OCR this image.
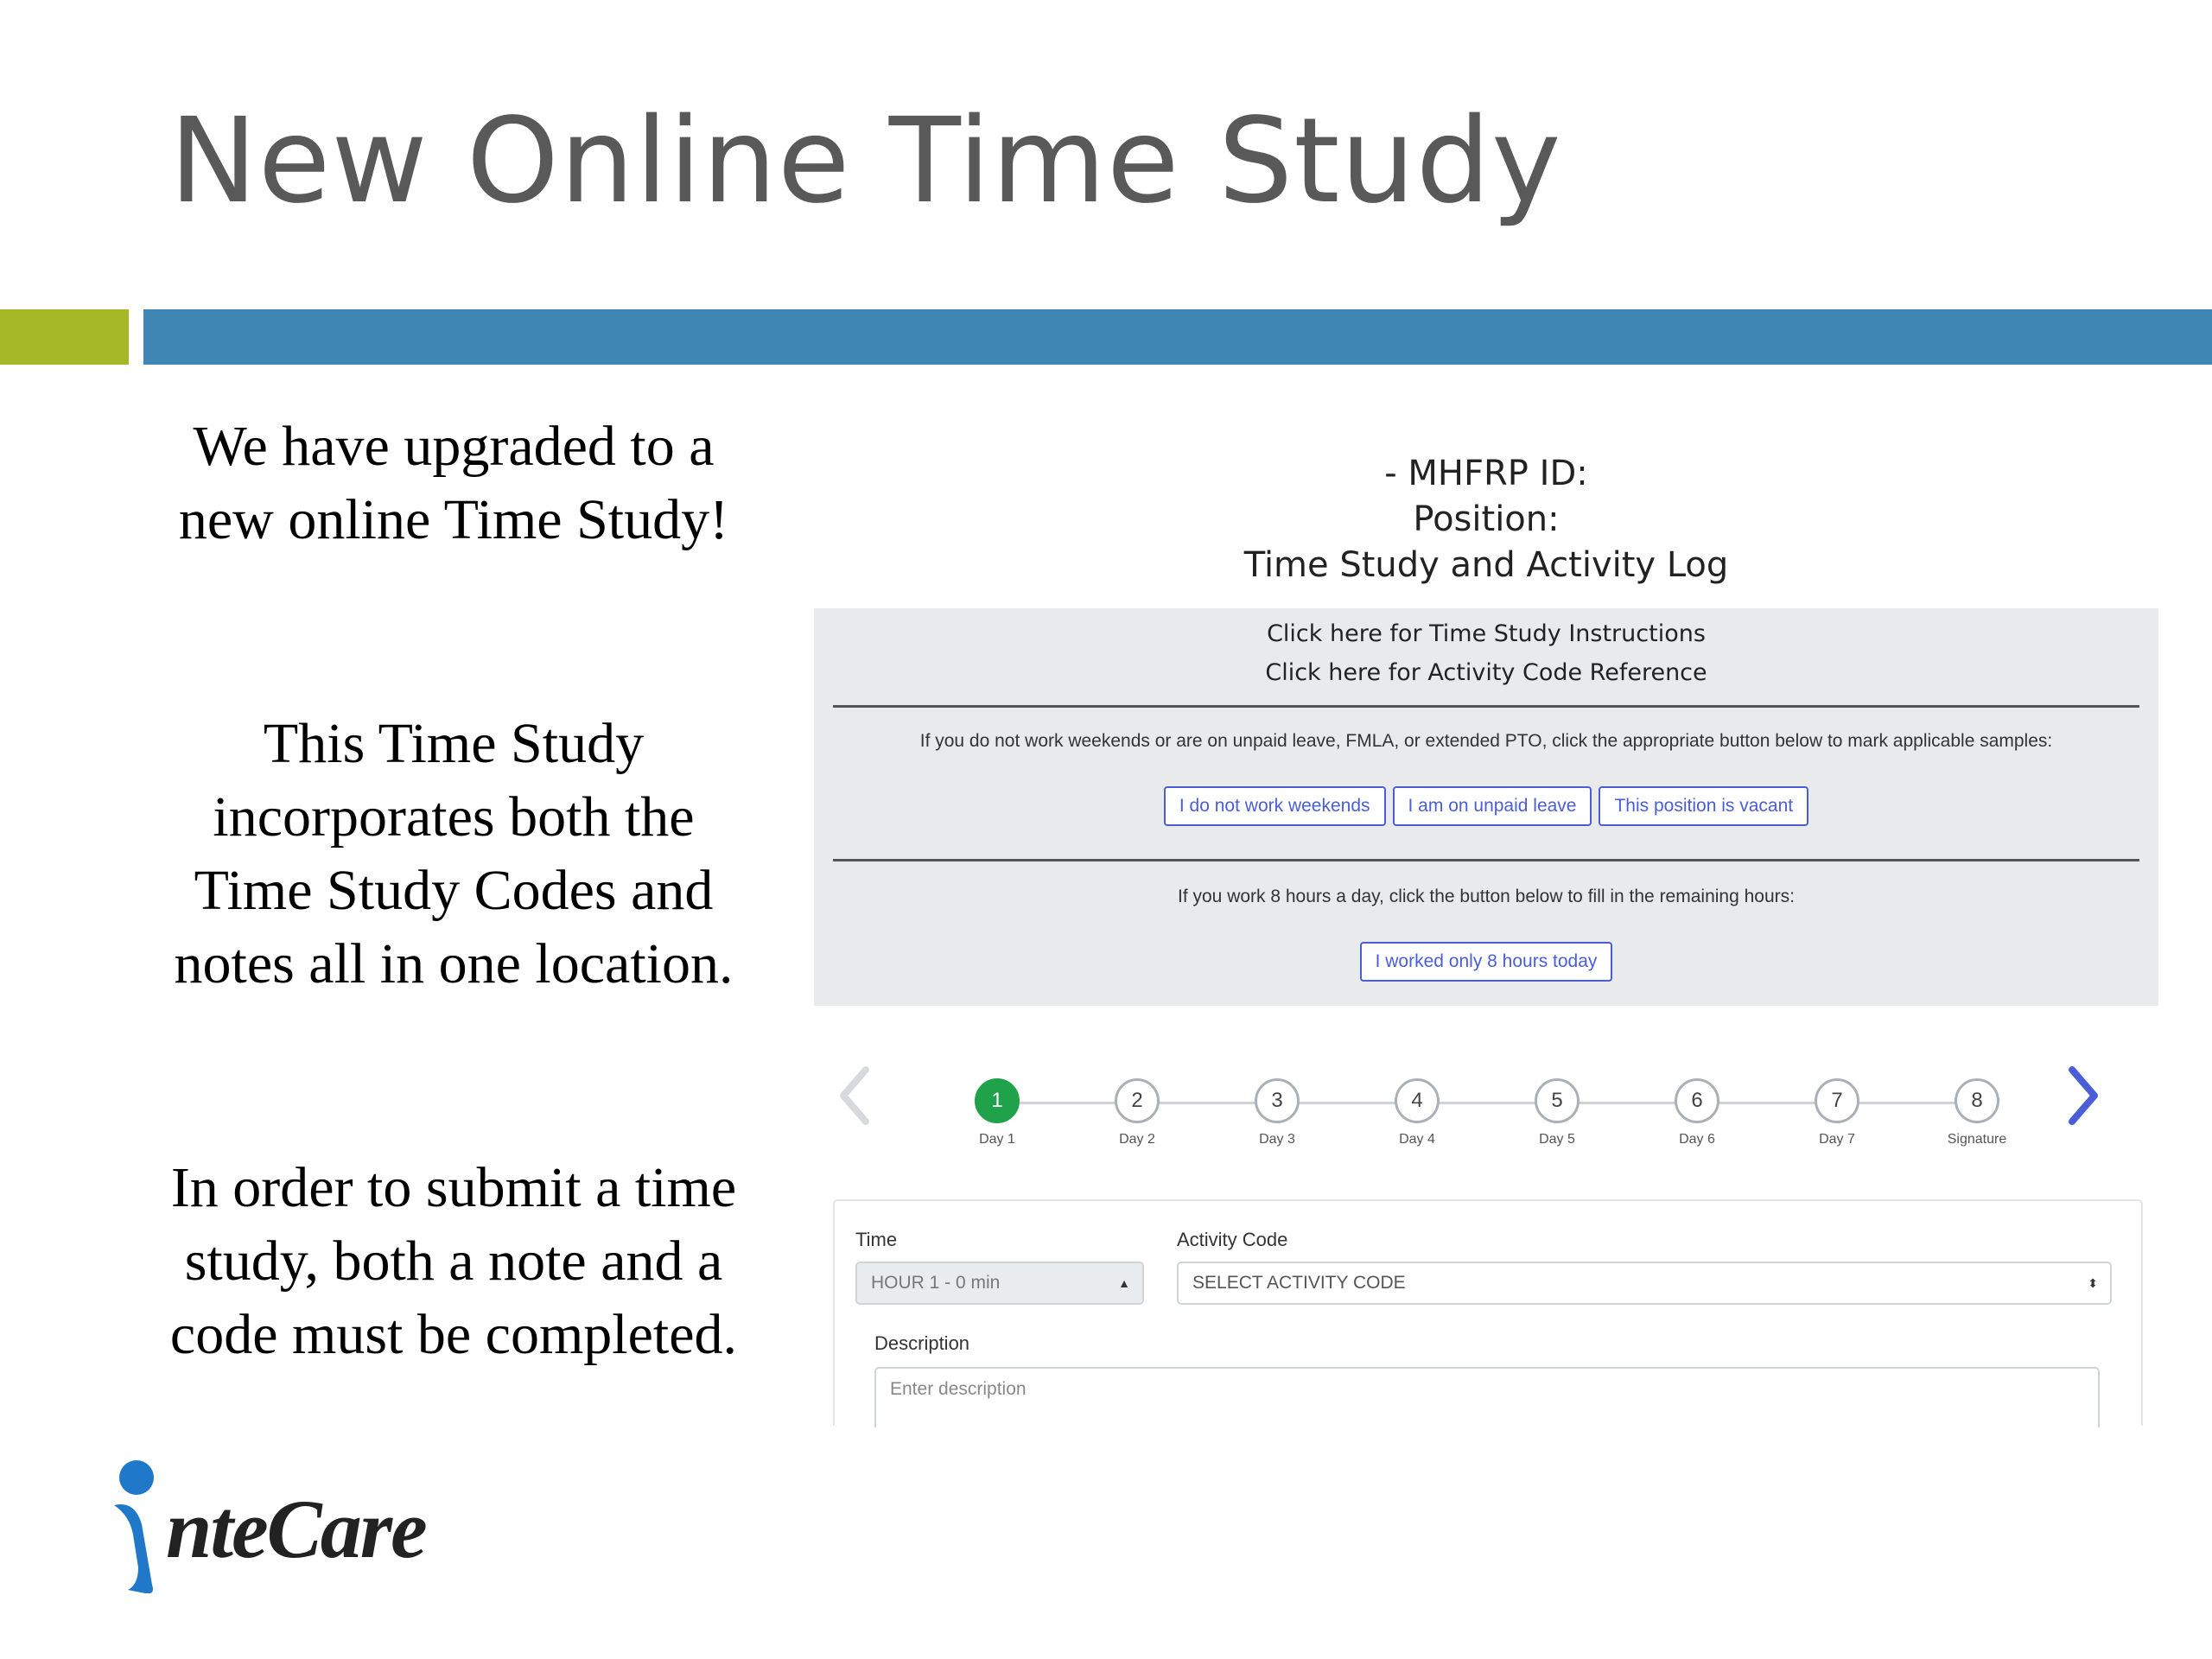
New Online Time Study
We have upgraded to a new online Time Study!
This Time Study incorporates both the Time Study Codes and notes all in one location.
In order to submit a time study, both a note and a code must be completed.
nteCare
- MHFRP ID:
Position:
Time Study and Activity Log
Click here for Time Study Instructions
Click here for Activity Code Reference
If you do not work weekends or are on unpaid leave, FMLA, or extended PTO, click the appropriate button below to mark applicable samples:
I do not work weekends	I am on unpaid leave	This position is vacant
If you work 8 hours a day, click the button below to fill in the remaining hours:
I worked only 8 hours today
1
Day 1
2
Day 2
3
Day 3
4
Day 4
5
Day 5
6
Day 6
7
Day 7
8
Signature
Time
HOUR 1 - 0 min	▲

Activity Code
SELECT ACTIVITY CODE	⬍
Description
Enter description
